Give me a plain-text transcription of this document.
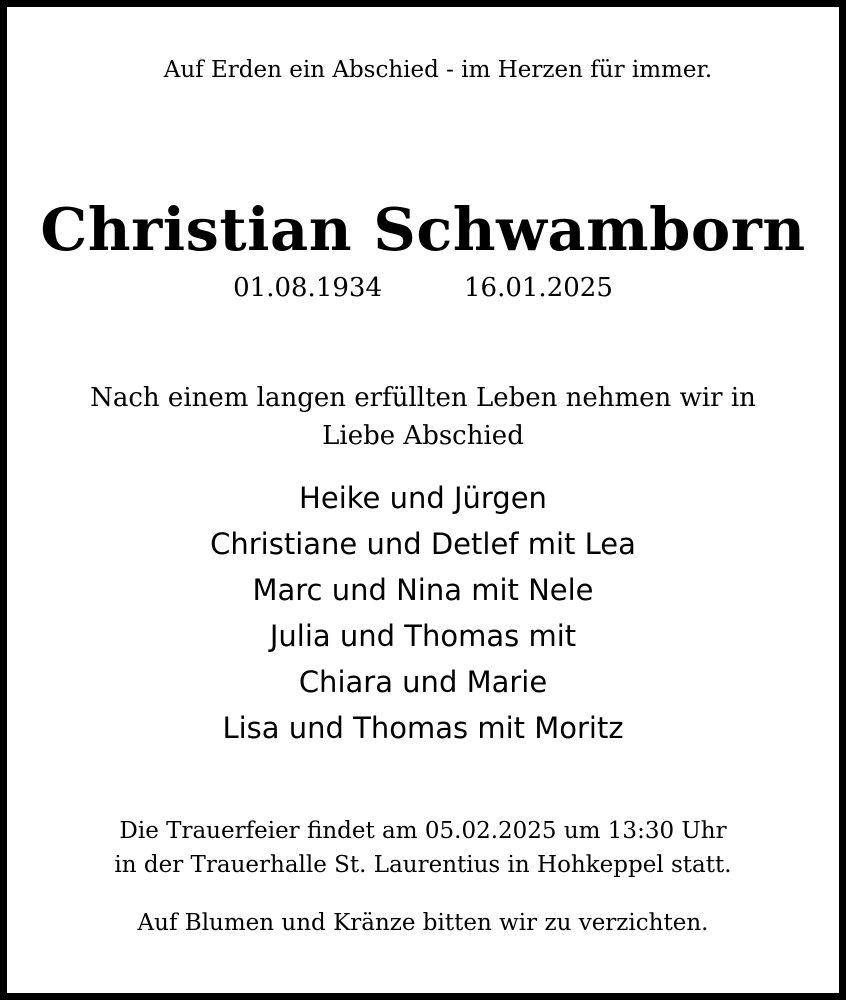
Auf Erden ein Abschied - im Herzen für immer.
Christian Schwamborn
01.08.1934	16.01.2025
Nach einem langen erfüllten Leben nehmen wir in
Liebe Abschied
Heike und Jürgen
Christiane und Detlef mit Lea
Marc und Nina mit Nele
Julia und Thomas mit
Chiara und Marie
Lisa und Thomas mit Moritz
Die Trauerfeier findet am 05.02.2025 um 13:30 Uhr
in der Trauerhalle St. Laurentius in Hohkeppel statt.
Auf Blumen und Kränze bitten wir zu verzichten.
